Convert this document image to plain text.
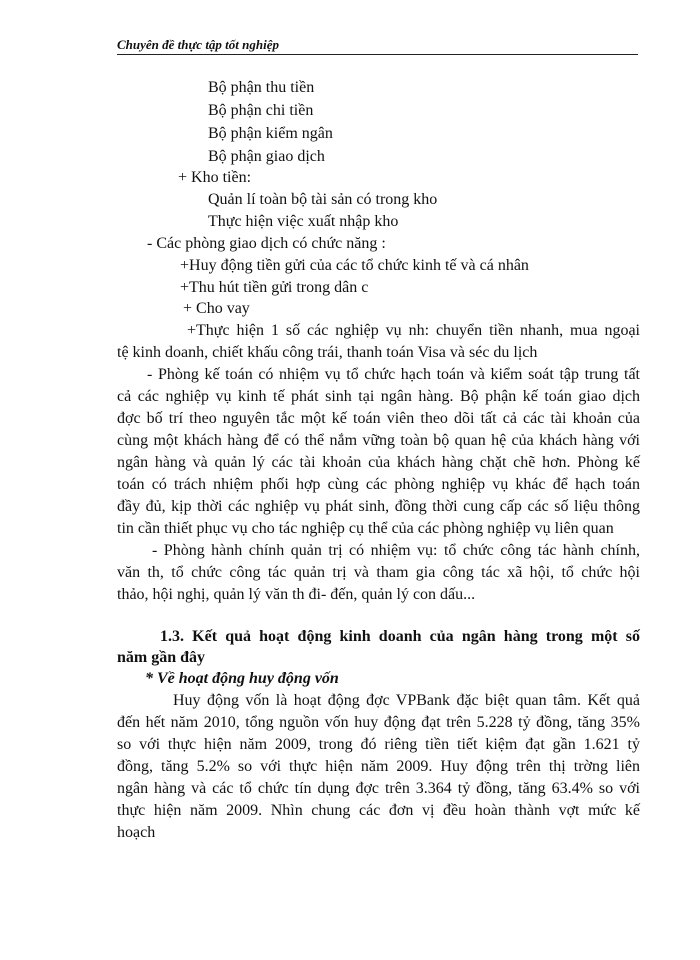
Chuyên đề thực tập tốt nghiệp
Bộ phận thu tiền
Bộ phận chi tiền
Bộ phận kiểm ngân
Bộ phận giao dịch
+ Kho tiền:
Quản lí toàn bộ tài sản có trong kho
Thực hiện việc xuất nhập kho
- Các phòng giao dịch có chức năng :
+Huy động tiền gửi của các tổ chức kinh tế và cá nhân
+Thu hút tiền gửi trong dân c
+ Cho vay
+Thực hiện 1 số các nghiệp vụ nh: chuyển tiền nhanh, mua ngoại
tệ kinh doanh, chiết khấu công trái, thanh toán Visa và séc du lịch
- Phòng kế toán có nhiệm vụ tổ chức hạch toán và kiểm soát tập trung tất
cả các nghiệp vụ kinh tế phát sinh tại ngân hàng. Bộ phận kế toán giao dịch
đợc bố trí theo nguyên tắc một kế toán viên theo dõi tất cả các tài khoản của
cùng một khách hàng để có thể nắm vững toàn bộ quan hệ của khách hàng với
ngân hàng và quản lý các tài khoản của khách hàng chặt chẽ hơn. Phòng kế
toán có trách nhiệm phối hợp cùng các phòng nghiệp vụ khác để hạch toán
đầy đủ, kịp thời các nghiệp vụ phát sinh, đồng thời cung cấp các số liệu thông
tin cần thiết phục vụ cho tác nghiệp cụ thể của các phòng nghiệp vụ liên quan
- Phòng hành chính quản trị có nhiệm vụ: tổ chức công tác hành chính,
văn th, tổ chức công tác quản trị và tham gia công tác xã hội, tổ chức hội
thảo, hội nghị, quản lý văn th đi- đến, quản lý con dấu...
1.3. Kết quả hoạt động kinh doanh của ngân hàng trong một số
năm gần đây
* Về hoạt động huy động vốn
Huy động vốn là hoạt động đợc VPBank đặc biệt quan tâm. Kết quả
đến hết năm 2010, tổng nguồn vốn huy động đạt trên 5.228 tỷ đồng, tăng 35%
so với thực hiện năm 2009, trong đó riêng tiền tiết kiệm đạt gần 1.621 tỷ
đồng, tăng 5.2% so với thực hiện năm 2009. Huy động trên thị trờng liên
ngân hàng và các tổ chức tín dụng đợc trên 3.364 tỷ đồng, tăng 63.4% so với
thực hiện năm 2009. Nhìn chung các đơn vị đều hoàn thành vợt mức kế
hoạch
